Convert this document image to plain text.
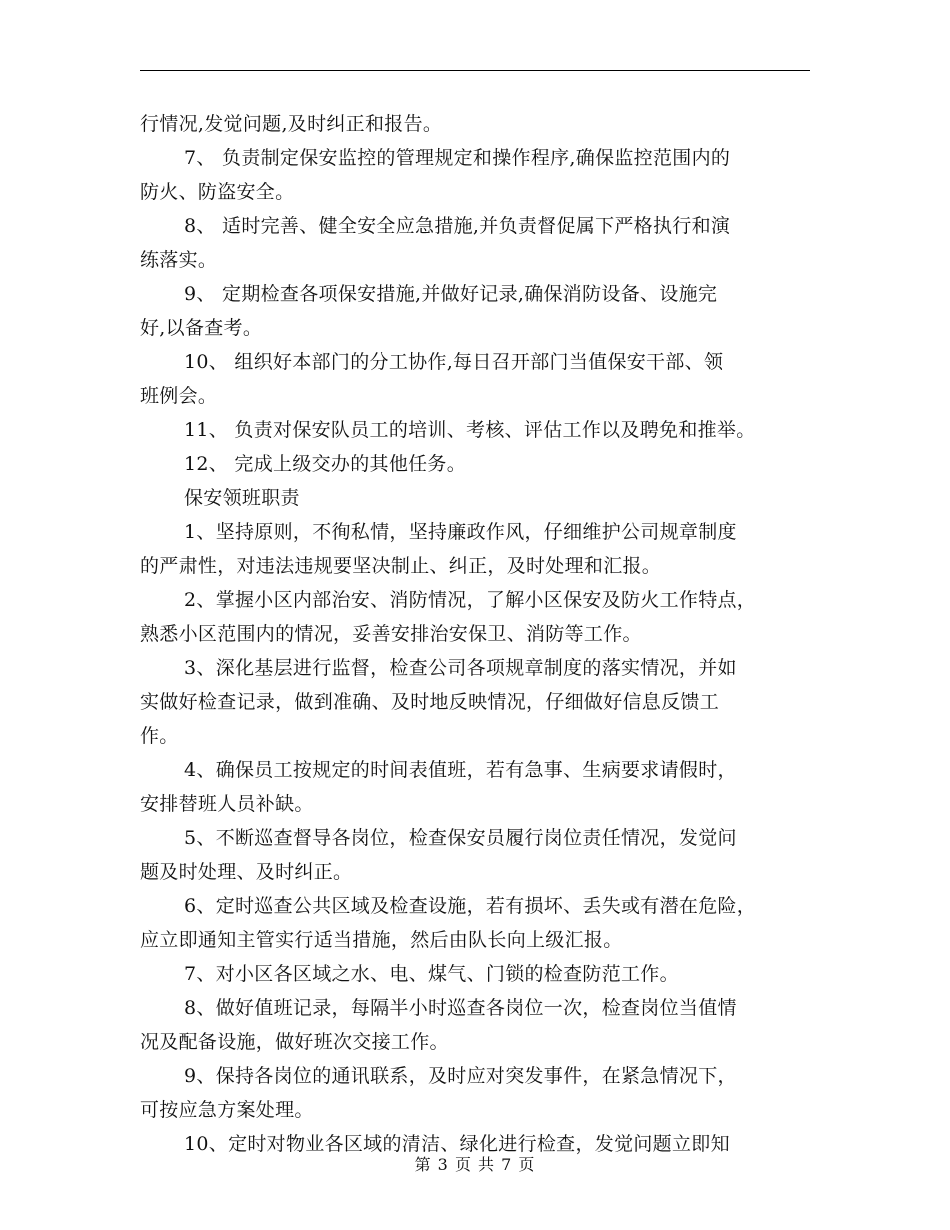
行情况,发觉问题,及时纠正和报告。
7、 负责制定保安监控的管理规定和操作程序,确保监控范围内的
防火、防盗安全。
8、 适时完善、健全安全应急措施,并负责督促属下严格执行和演
练落实。
9、 定期检查各项保安措施,并做好记录,确保消防设备、设施完
好,以备查考。
10、 组织好本部门的分工协作,每日召开部门当值保安干部、领
班例会。
11、 负责对保安队员工的培训、考核、评估工作以及聘免和推举。
12、 完成上级交办的其他任务。
保安领班职责
1、坚持原则，不徇私情，坚持廉政作风，仔细维护公司规章制度
的严肃性，对违法违规要坚决制止、纠正，及时处理和汇报。
2、掌握小区内部治安、消防情况，了解小区保安及防火工作特点，
熟悉小区范围内的情况，妥善安排治安保卫、消防等工作。
3、深化基层进行监督，检查公司各项规章制度的落实情况，并如
实做好检查记录，做到准确、及时地反映情况，仔细做好信息反馈工
作。
4、确保员工按规定的时间表值班，若有急事、生病要求请假时，
安排替班人员补缺。
5、不断巡查督导各岗位，检查保安员履行岗位责任情况，发觉问
题及时处理、及时纠正。
6、定时巡查公共区域及检查设施，若有损坏、丢失或有潜在危险，
应立即通知主管实行适当措施，然后由队长向上级汇报。
7、对小区各区域之水、电、煤气、门锁的检查防范工作。
8、做好值班记录，每隔半小时巡查各岗位一次，检查岗位当值情
况及配备设施，做好班次交接工作。
9、保持各岗位的通讯联系，及时应对突发事件，在紧急情况下，
可按应急方案处理。
10、定时对物业各区域的清洁、绿化进行检查，发觉问题立即知
第 3 页 共 7 页
